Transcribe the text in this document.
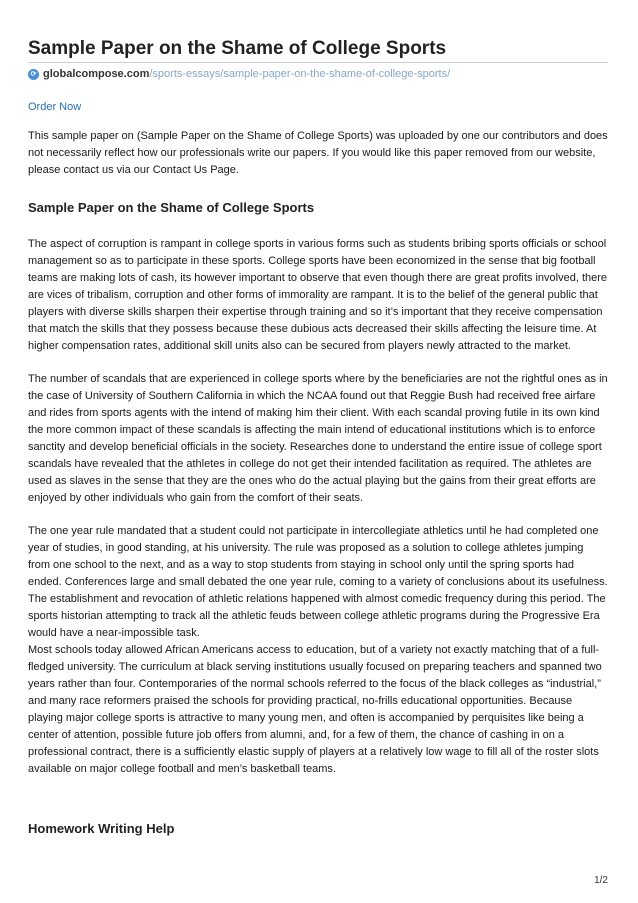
Sample Paper on the Shame of College Sports
⟳ globalcompose.com /sports-essays/sample-paper-on-the-shame-of-college-sports/
Order Now

This sample paper on (Sample Paper on the Shame of College Sports) was uploaded by one our contributors and does not necessarily reflect how our professionals write our papers. If you would like this paper removed from our website, please contact us via our Contact Us Page.

Sample Paper on the Shame of College Sports

The aspect of corruption is rampant in college sports in various forms such as students bribing sports officials or school management so as to participate in these sports. College sports have been economized in the sense that big football teams are making lots of cash, its however important to observe that even though there are great profits involved, there are vices of tribalism, corruption and other forms of immorality are rampant. It is to the belief of the general public that players with diverse skills sharpen their expertise through training and so it’s important that they receive compensation that match the skills that they possess because these dubious acts decreased their skills affecting the leisure time. At higher compensation rates, additional skill units also can be secured from players newly attracted to the market.

The number of scandals that are experienced in college sports where by the beneficiaries are not the rightful ones as in the case of University of Southern California in which the NCAA found out that Reggie Bush had received free airfare and rides from sports agents with the intend of making him their client. With each scandal proving futile in its own kind the more common impact of these scandals is affecting the main intend of educational institutions which is to enforce sanctity and develop beneficial officials in the society. Researches done to understand the entire issue of college sport scandals have revealed that the athletes in college do not get their intended facilitation as required. The athletes are used as slaves in the sense that they are the ones who do the actual playing but the gains from their great efforts are enjoyed by other individuals who gain from the comfort of their seats.

The one year rule mandated that a student could not participate in intercollegiate athletics until he had completed one year of studies, in good standing, at his university. The rule was proposed as a solution to college athletes jumping from one school to the next, and as a way to stop students from staying in school only until the spring sports had ended. Conferences large and small debated the one year rule, coming to a variety of conclusions about its usefulness. The establishment and revocation of athletic relations happened with almost comedic frequency during this period. The sports historian attempting to track all the athletic feuds between college athletic programs during the Progressive Era would have a near-impossible task.

Most schools today allowed African Americans access to education, but of a variety not exactly matching that of a full-fledged university. The curriculum at black serving institutions usually focused on preparing teachers and spanned two years rather than four. Contemporaries of the normal schools referred to the focus of the black colleges as “industrial,” and many race reformers praised the schools for providing practical, no-frills educational opportunities. Because playing major college sports is attractive to many young men, and often is accompanied by perquisites like being a center of attention, possible future job offers from alumni, and, for a few of them, the chance of cashing in on a professional contract, there is a sufficiently elastic supply of players at a relatively low wage to fill all of the roster slots available on major college football and men’s basketball teams.

Homework Writing Help
1/2
